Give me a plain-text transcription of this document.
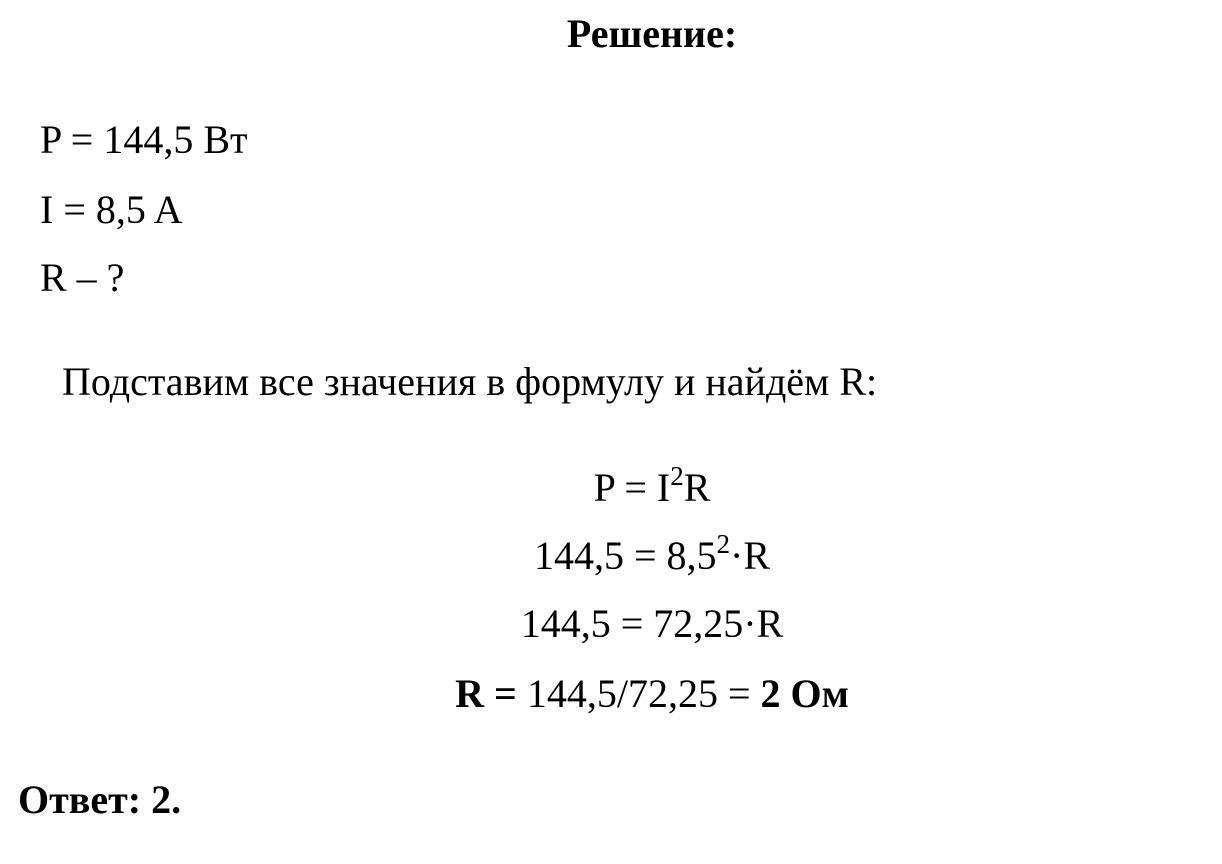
Решение:
P = 144,5 Вт
I = 8,5 A
R – ?
Подставим все значения в формулу и найдём R:
$P = I^2R$
$144,5 = 8,5^2\cdot R$
144,5 = 72,25·R
R = 144,5/72,25 = 2 Ом
Ответ: 2.
